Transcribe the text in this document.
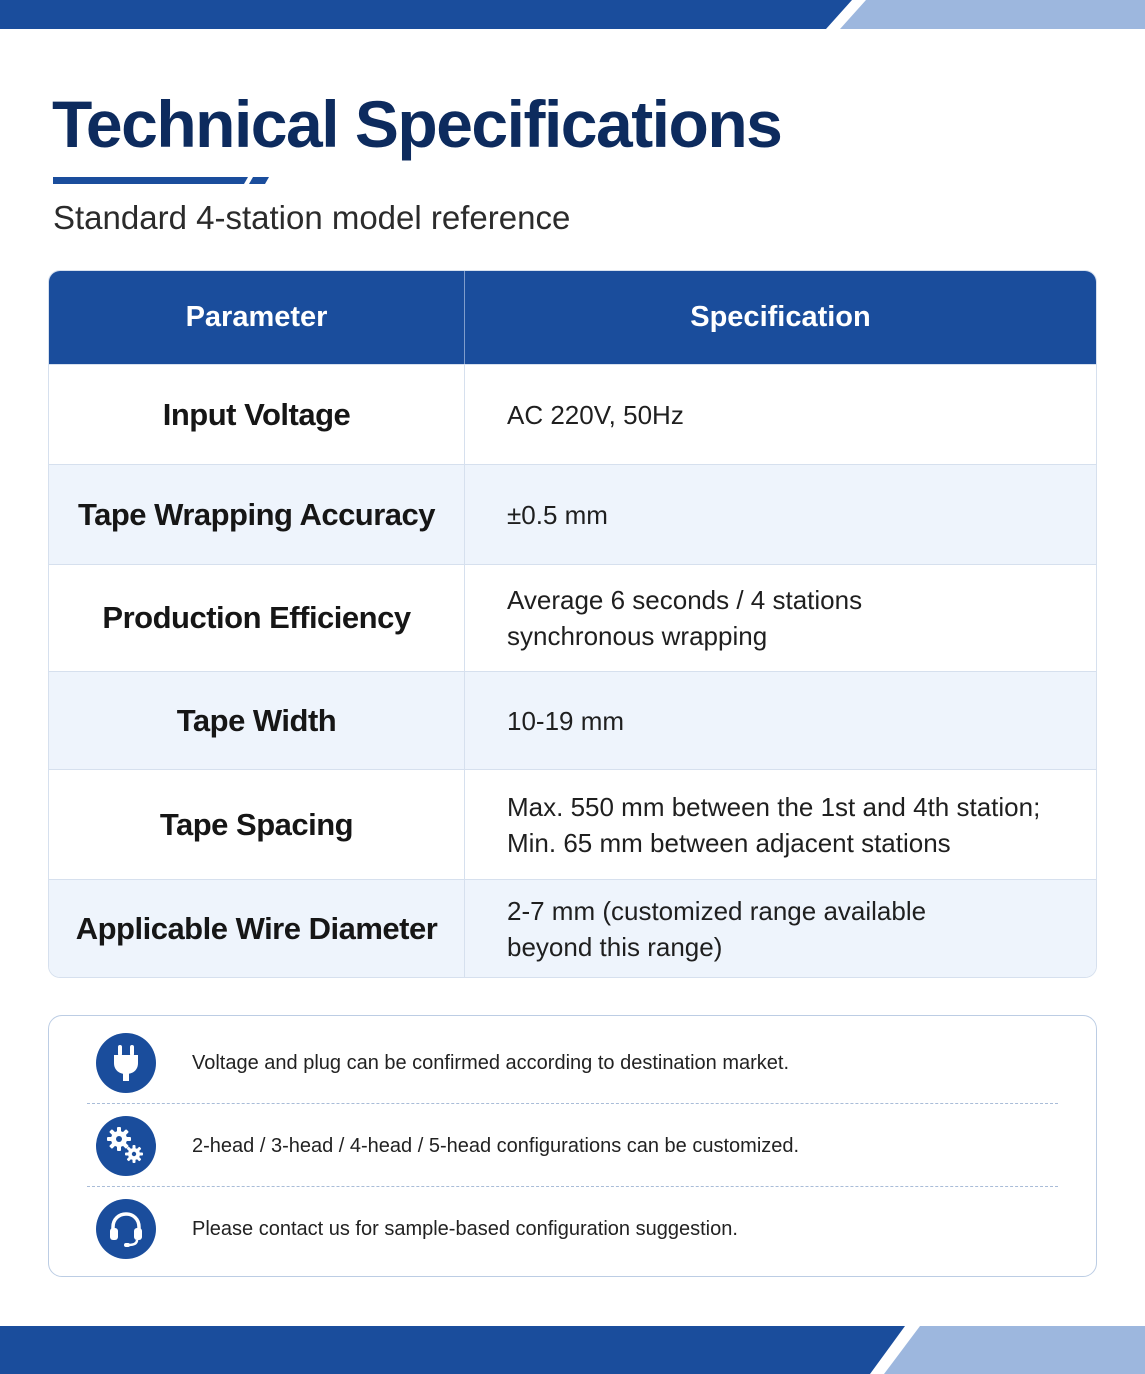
Technical Specifications
Standard 4-station model reference
Parameter	Specification
Input Voltage	AC 220V, 50Hz
Tape Wrapping Accuracy	±0.5 mm
Production Efficiency	Average 6 seconds / 4 stations
synchronous wrapping
Tape Width	10-19 mm
Tape Spacing	Max. 550 mm between the 1st and 4th station;
Min. 65 mm between adjacent stations
Applicable Wire Diameter	2-7 mm (customized range available
beyond this range)
Voltage and plug can be confirmed according to destination market.
2-head / 3-head / 4-head / 5-head configurations can be customized.
Please contact us for sample-based configuration suggestion.
